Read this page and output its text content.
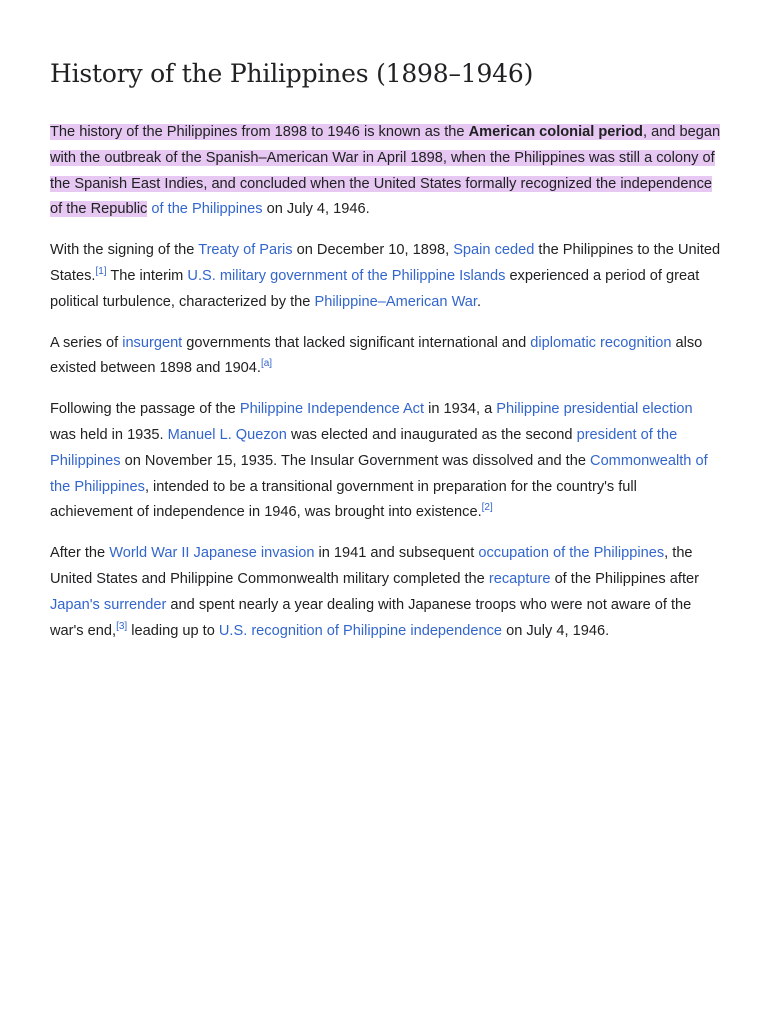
History of the Philippines (1898–1946)

The history of the Philippines from 1898 to 1946 is known as the American colonial period, and began with the outbreak of the Spanish–American War in April 1898, when the Philippines was still a colony of the Spanish East Indies, and concluded when the United States formally recognized the independence of the Republic of the Philippines on July 4, 1946.

With the signing of the Treaty of Paris on December 10, 1898, Spain ceded the Philippines to the United States.[1] The interim U.S. military government of the Philippine Islands experienced a period of great political turbulence, characterized by the Philippine–American War.

A series of insurgent governments that lacked significant international and diplomatic recognition also existed between 1898 and 1904.[a]

Following the passage of the Philippine Independence Act in 1934, a Philippine presidential election was held in 1935. Manuel L. Quezon was elected and inaugurated as the second president of the Philippines on November 15, 1935. The Insular Government was dissolved and the Commonwealth of the Philippines, intended to be a transitional government in preparation for the country's full achievement of independence in 1946, was brought into existence.[2]

After the World War II Japanese invasion in 1941 and subsequent occupation of the Philippines, the United States and Philippine Commonwealth military completed the recapture of the Philippines after Japan's surrender and spent nearly a year dealing with Japanese troops who were not aware of the war's end,[3] leading up to U.S. recognition of Philippine independence on July 4, 1946.
